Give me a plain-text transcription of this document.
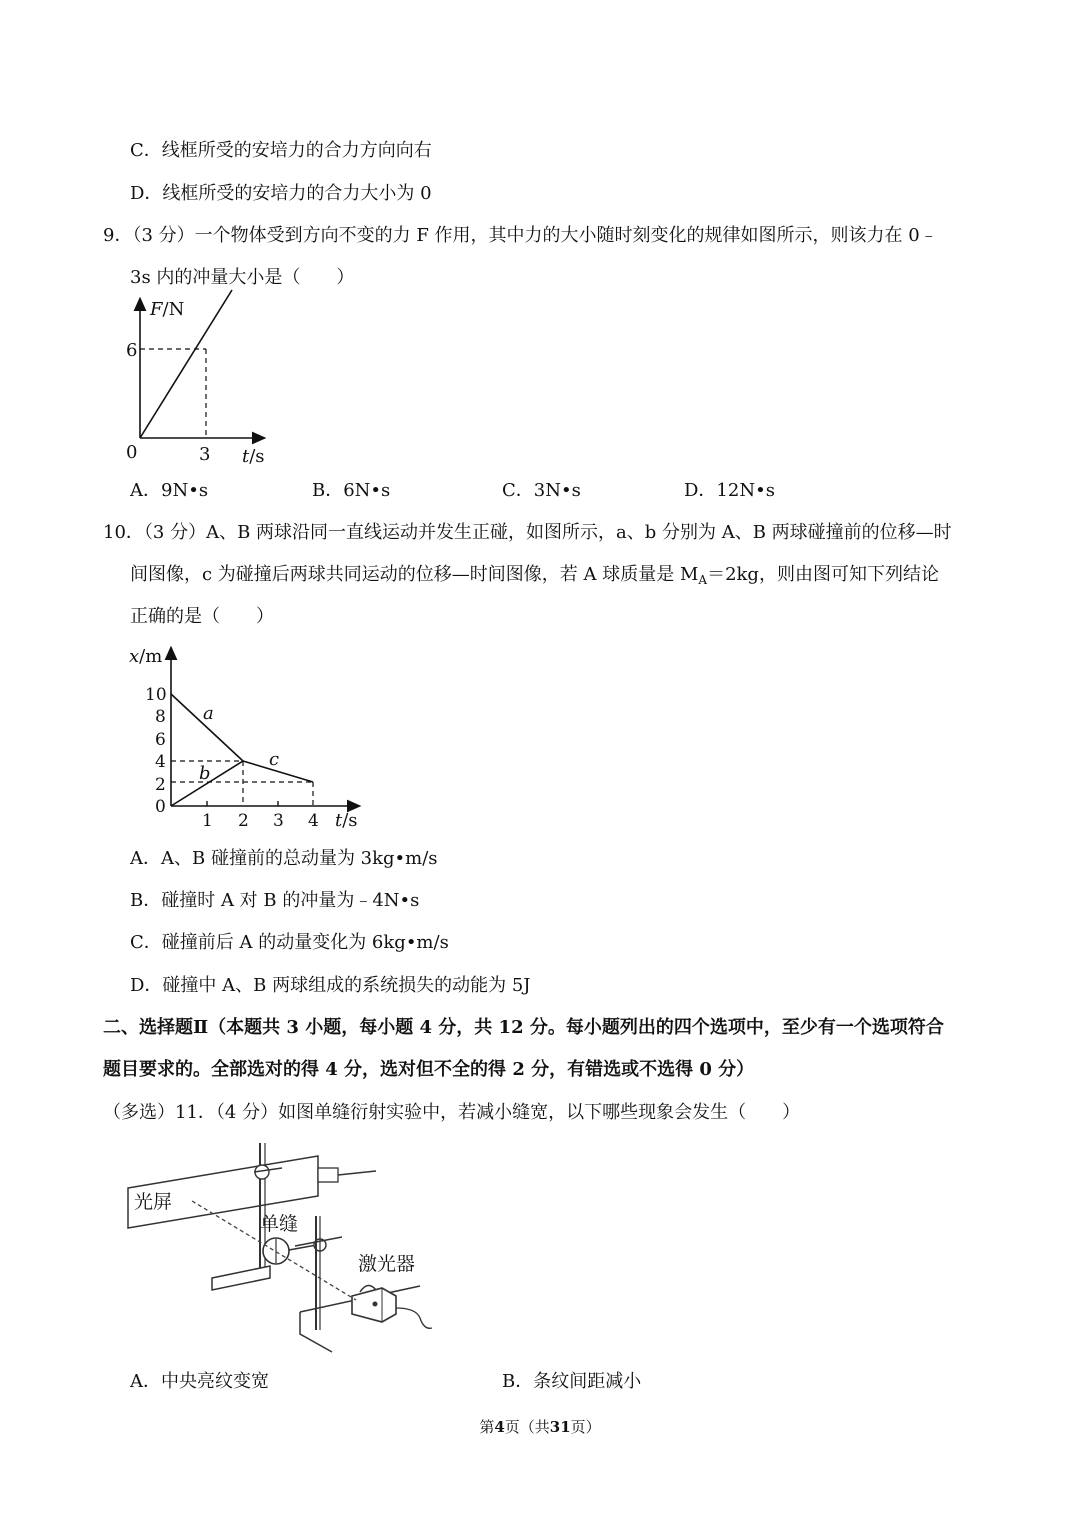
C．线框所受的安培力的合力方向向右
D．线框所受的安培力的合力大小为 0
9．（3 分）一个物体受到方向不变的力 F 作用，其中力的大小随时刻变化的规律如图所示，则该力在 0﹣
3s 内的冲量大小是（　　）
F/N
6
0	3 t/s
A．9N•s	B．6N•s	C．3N•s	D．12N•s
10．（3 分）A、B 两球沿同一直线运动并发生正碰，如图所示，a、b 分别为 A、B 两球碰撞前的位移—时
间图像，c 为碰撞后两球共同运动的位移—时间图像，若 A 球质量是 $M_A=2kg$，则由图可知下列结论
正确的是（　　）
x/m
10
8
6
4
2
0
1 2 3 4 t/s
a
b
c
A．A、B 碰撞前的总动量为 3kg•m/s
B．碰撞时 A 对 B 的冲量为﹣4N•s
C．碰撞前后 A 的动量变化为 6kg•m/s
D．碰撞中 A、B 两球组成的系统损失的动能为 5J
二、选择题Ⅱ（本题共 3 小题，每小题 4 分，共 12 分。每小题列出的四个选项中，至少有一个选项符合
题目要求的。全部选对的得 4 分，选对但不全的得 2 分，有错选或不选得 0 分）
（多选）11．（4 分）如图单缝衍射实验中，若减小缝宽，以下哪些现象会发生（　　）
光屏
单缝
激光器
A．中央亮纹变宽	B．条纹间距减小
第4页（共31页）
